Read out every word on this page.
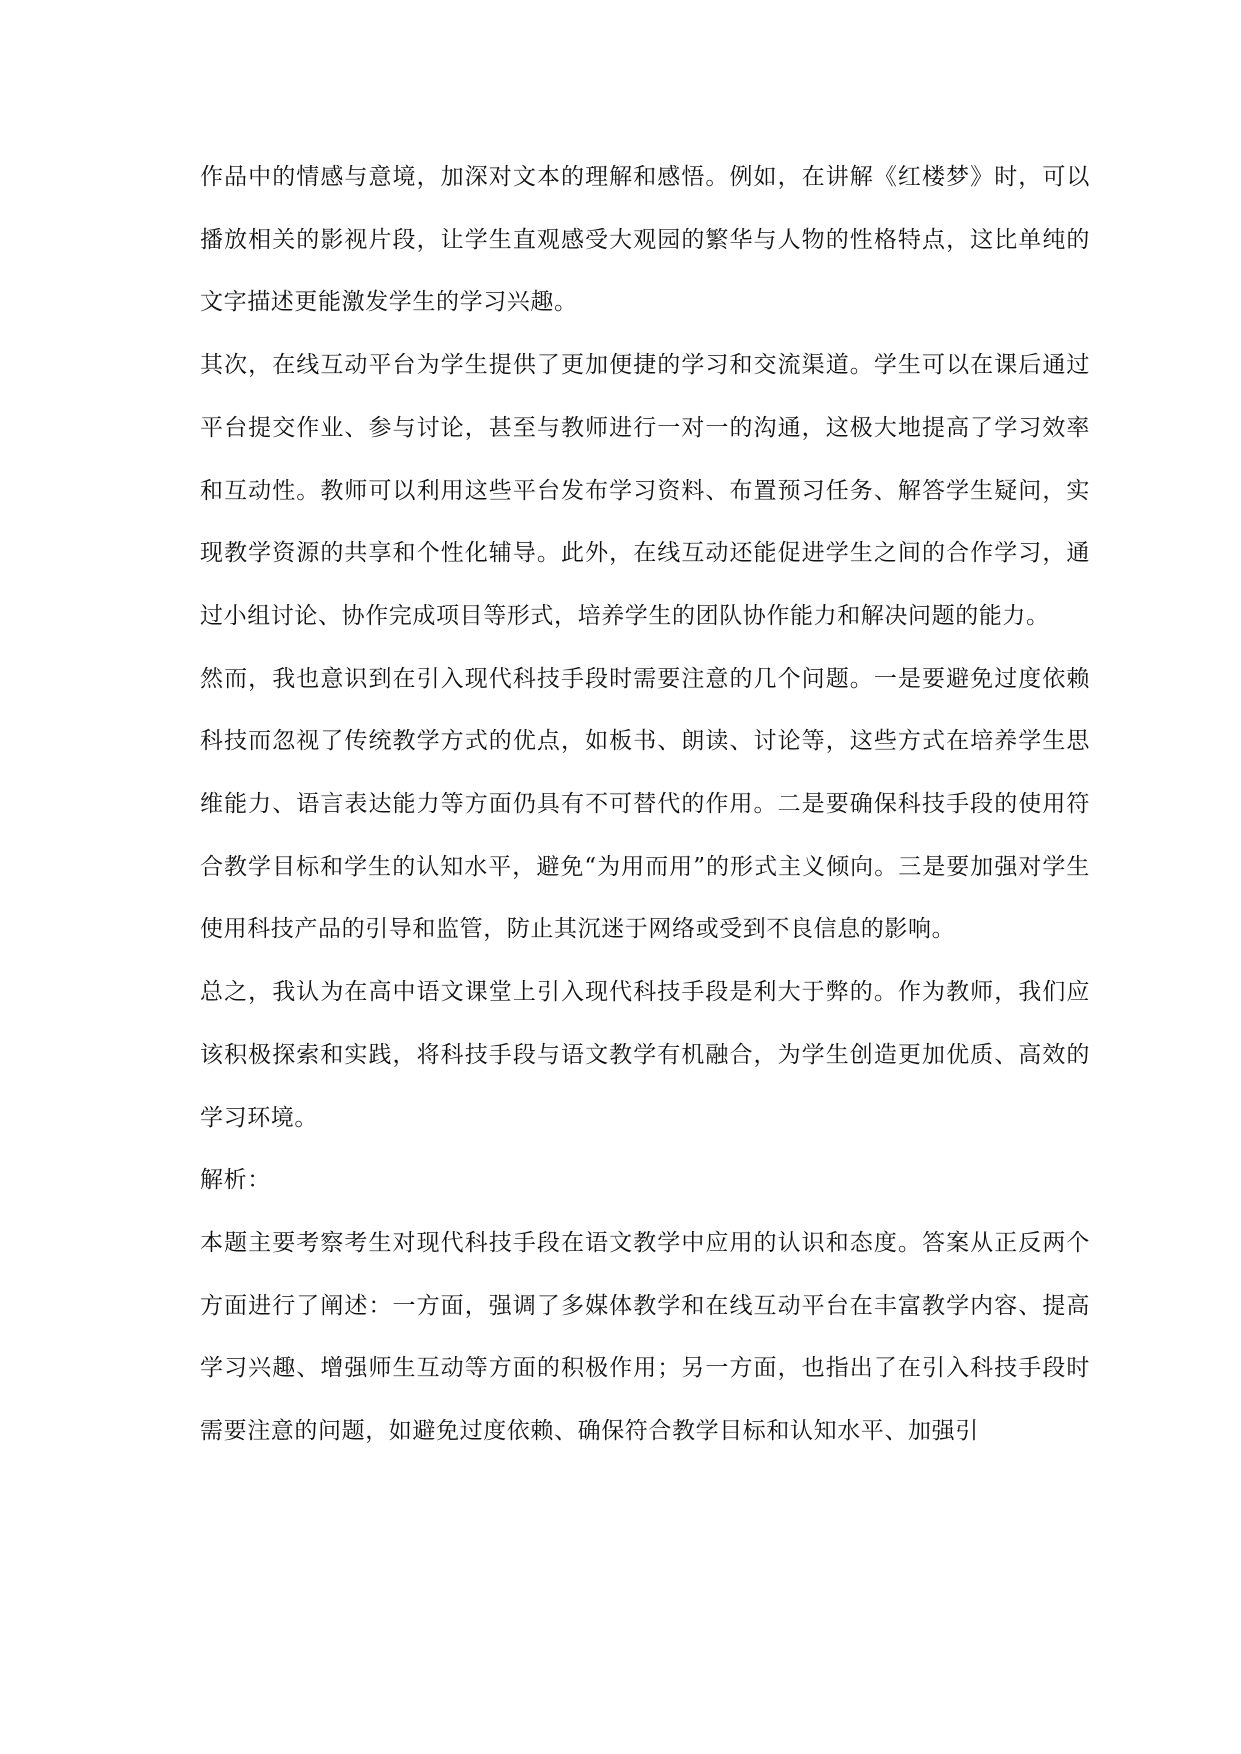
作品中的情感与意境，加深对文本的理解和感悟。例如，在讲解《红楼梦》时，可以播放相关的影视片段，让学生直观感受大观园的繁华与人物的性格特点，这比单纯的文字描述更能激发学生的学习兴趣。

其次，在线互动平台为学生提供了更加便捷的学习和交流渠道。学生可以在课后通过平台提交作业、参与讨论，甚至与教师进行一对一的沟通，这极大地提高了学习效率和互动性。教师可以利用这些平台发布学习资料、布置预习任务、解答学生疑问，实现教学资源的共享和个性化辅导。此外，在线互动还能促进学生之间的合作学习，通过小组讨论、协作完成项目等形式，培养学生的团队协作能力和解决问题的能力。

然而，我也意识到在引入现代科技手段时需要注意的几个问题。一是要避免过度依赖科技而忽视了传统教学方式的优点，如板书、朗读、讨论等，这些方式在培养学生思维能力、语言表达能力等方面仍具有不可替代的作用。二是要确保科技手段的使用符合教学目标和学生的认知水平，避免“为用而用”的形式主义倾向。三是要加强对学生使用科技产品的引导和监管，防止其沉迷于网络或受到不良信息的影响。

总之，我认为在高中语文课堂上引入现代科技手段是利大于弊的。作为教师，我们应该积极探索和实践，将科技手段与语文教学有机融合，为学生创造更加优质、高效的学习环境。

解析：

本题主要考察考生对现代科技手段在语文教学中应用的认识和态度。答案从正反两个方面进行了阐述：一方面，强调了多媒体教学和在线互动平台在丰富教学内容、提高学习兴趣、增强师生互动等方面的积极作用；另一方面，也指出了在引入科技手段时需要注意的问题，如避免过度依赖、确保符合教学目标和认知水平、加强引
